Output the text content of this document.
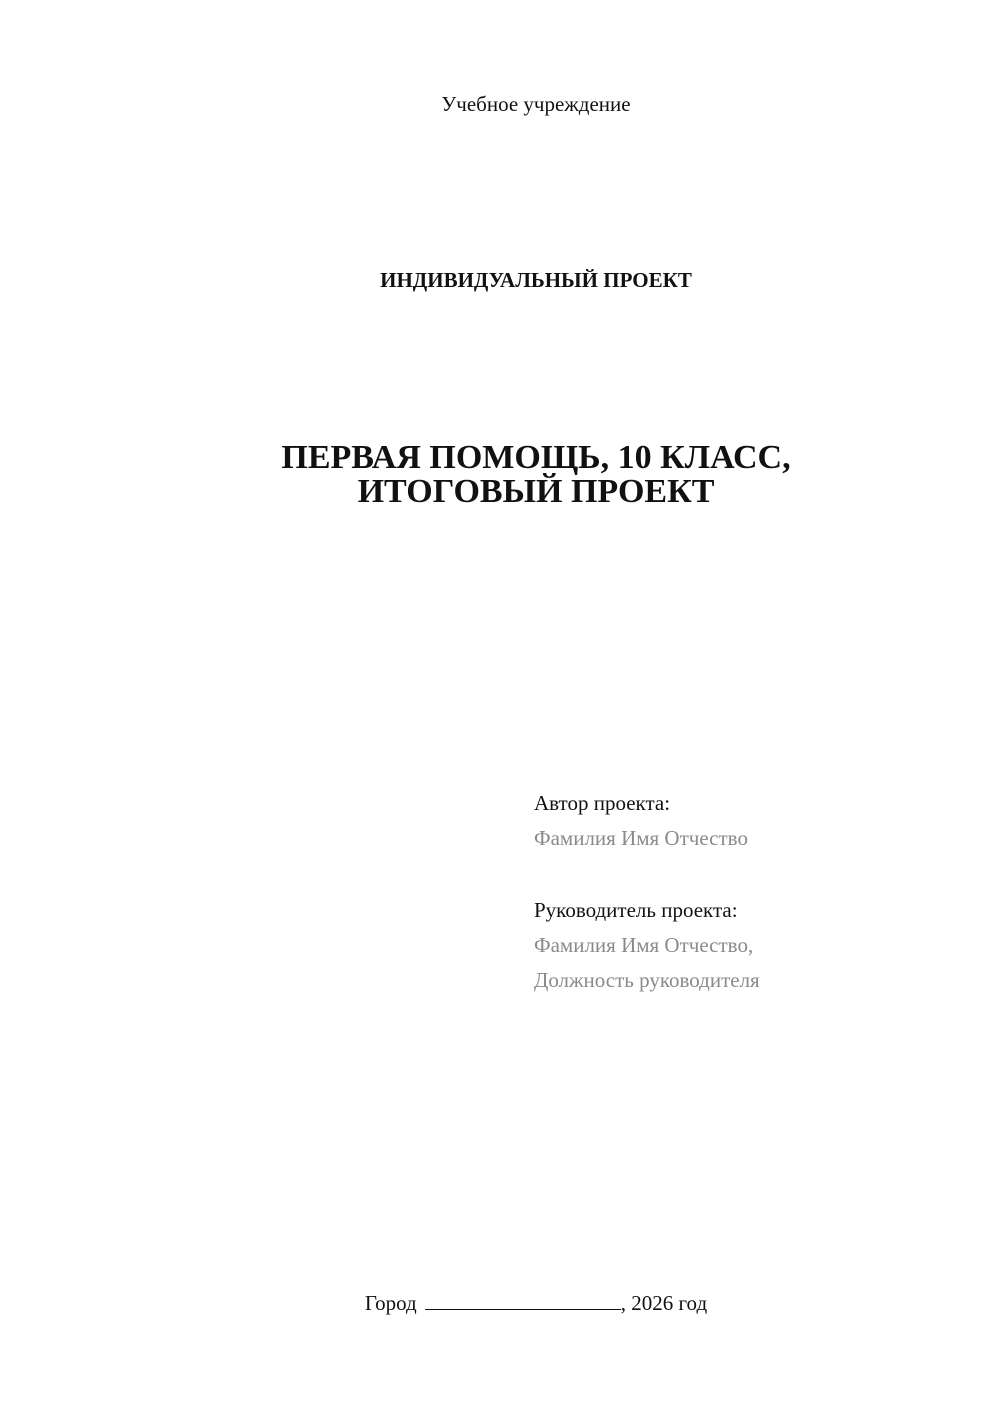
Учебное учреждение
ИНДИВИДУАЛЬНЫЙ ПРОЕКТ
ПЕРВАЯ ПОМОЩЬ, 10 КЛАСС,
ИТОГОВЫЙ ПРОЕКТ
Автор проекта:
Фамилия Имя Отчество
Руководитель проекта:
Фамилия Имя Отчество,
Должность руководителя
Город	, 2026 год
